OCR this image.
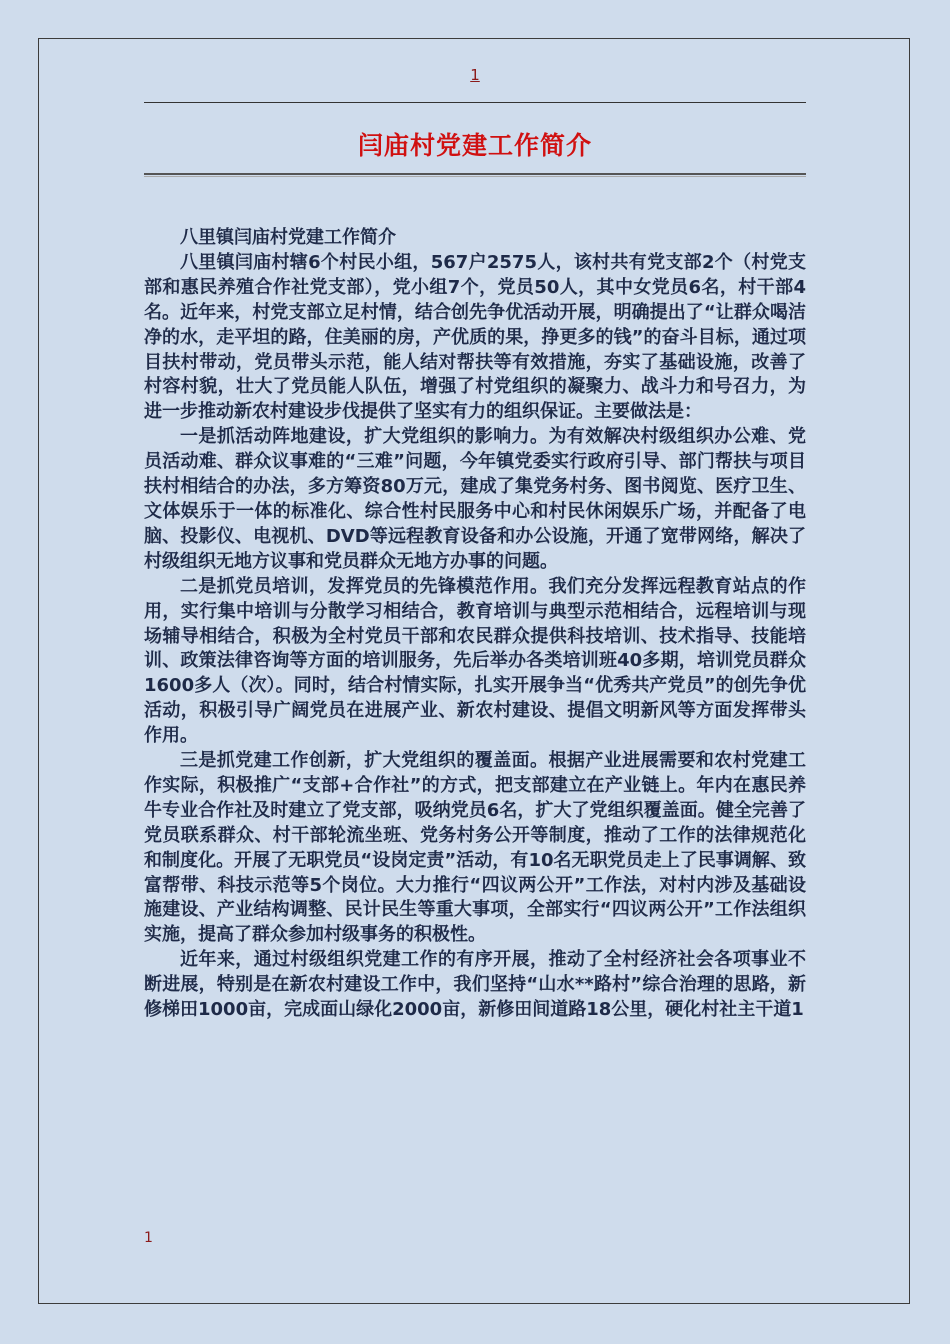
1
闫庙村党建工作简介

八里镇闫庙村党建工作简介

八里镇闫庙村辖6个村民小组，567户2575人，该村共有党支部2个（村党支部和惠民养殖合作社党支部），党小组7个，党员50人，其中女党员6名，村干部4名。近年来，村党支部立足村情，结合创先争优活动开展，明确提出了“让群众喝洁净的水，走平坦的路，住美丽的房，产优质的果，挣更多的钱”的奋斗目标，通过项目扶村带动，党员带头示范，能人结对帮扶等有效措施，夯实了基础设施，改善了村容村貌，壮大了党员能人队伍，增强了村党组织的凝聚力、战斗力和号召力，为进一步推动新农村建设步伐提供了坚实有力的组织保证。主要做法是：

一是抓活动阵地建设，扩大党组织的影响力。为有效解决村级组织办公难、党员活动难、群众议事难的“三难”问题，今年镇党委实行政府引导、部门帮扶与项目扶村相结合的办法，多方筹资80万元，建成了集党务村务、图书阅览、医疗卫生、文体娱乐于一体的标准化、综合性村民服务中心和村民休闲娱乐广场，并配备了电脑、投影仪、电视机、DVD等远程教育设备和办公设施，开通了宽带网络，解决了村级组织无地方议事和党员群众无地方办事的问题。

二是抓党员培训，发挥党员的先锋模范作用。我们充分发挥远程教育站点的作用，实行集中培训与分散学习相结合，教育培训与典型示范相结合，远程培训与现场辅导相结合，积极为全村党员干部和农民群众提供科技培训、技术指导、技能培训、政策法律咨询等方面的培训服务，先后举办各类培训班40多期，培训党员群众1600多人（次）。同时，结合村情实际，扎实开展争当“优秀共产党员”的创先争优活动，积极引导广阔党员在进展产业、新农村建设、提倡文明新风等方面发挥带头作用。

三是抓党建工作创新，扩大党组织的覆盖面。根据产业进展需要和农村党建工作实际，积极推广“支部+合作社”的方式，把支部建立在产业链上。年内在惠民养牛专业合作社及时建立了党支部，吸纳党员6名，扩大了党组织覆盖面。健全完善了党员联系群众、村干部轮流坐班、党务村务公开等制度，推动了工作的法律规范化和制度化。开展了无职党员“设岗定责”活动，有10名无职党员走上了民事调解、致富帮带、科技示范等5个岗位。大力推行“四议两公开”工作法，对村内涉及基础设施建设、产业结构调整、民计民生等重大事项，全部实行“四议两公开”工作法组织实施，提高了群众参加村级事务的积极性。

近年来，通过村级组织党建工作的有序开展，推动了全村经济社会各项事业不断进展，特别是在新农村建设工作中，我们坚持“山水**路村”综合治理的思路，新修梯田1000亩，完成面山绿化2000亩，新修田间道路18公里，硬化村社主干道1

1
